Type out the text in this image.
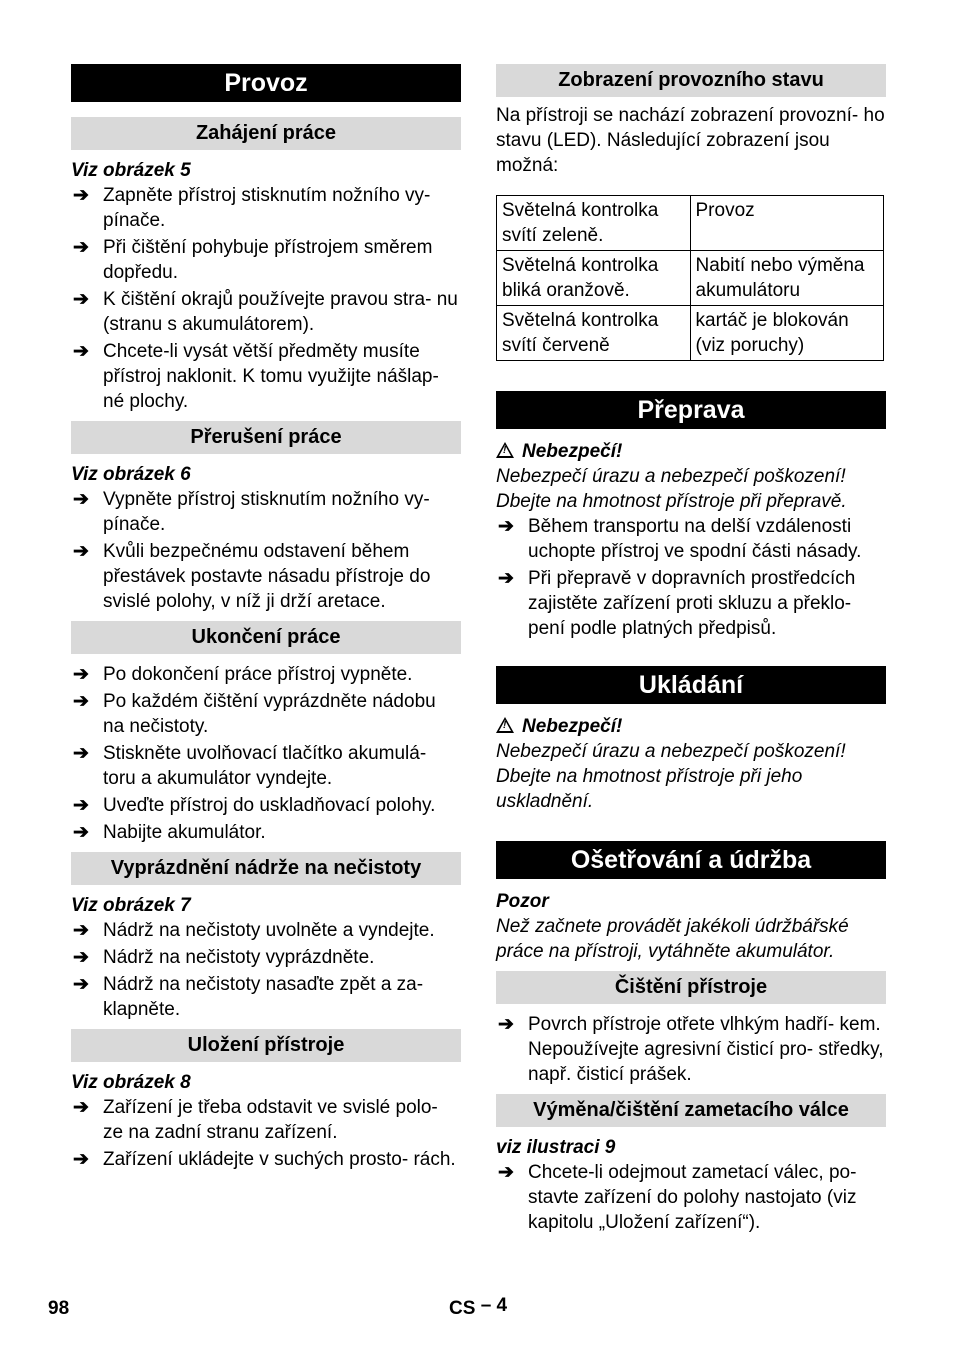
Provoz
Zahájení práce

Viz obrázek 5

➔ Zapněte přístroj stisknutím nožního vy- pínače.
➔ Při čištění pohybuje přístrojem směrem dopředu.
➔ K čištění okrajů používejte pravou stra- nu (stranu s akumulátorem).
➔ Chcete-li vysát větší předměty musíte přístroj naklonit. K tomu využijte nášlap- né plochy.
Přerušení práce

Viz obrázek 6

➔ Vypněte přístroj stisknutím nožního vy- pínače.
➔ Kvůli bezpečnému odstavení během přestávek postavte násadu přístroje do svislé polohy, v níž ji drží aretace.
Ukončení práce
➔ Po dokončení práce přístroj vypněte.
➔ Po každém čištění vyprázdněte nádobu na nečistoty.
➔ Stiskněte uvolňovací tlačítko akumulá- toru a akumulátor vyndejte.
➔ Uveďte přístroj do uskladňovací polohy.
➔ Nabijte akumulátor.
Vyprázdnění nádrže na nečistoty

Viz obrázek 7

➔ Nádrž na nečistoty uvolněte a vyndejte.
➔ Nádrž na nečistoty vyprázdněte.
➔ Nádrž na nečistoty nasaďte zpět a za- klapněte.
Uložení přístroje

Viz obrázek 8

➔ Zařízení je třeba odstavit ve svislé polo- ze na zadní stranu zařízení.
➔ Zařízení ukládejte v suchých prosto- rách.
Zobrazení provozního stavu

Na přístroji se nachází zobrazení provozní- ho stavu (LED). Následující zobrazení jsou možná:

Světelná kontrolka svítí zeleně.	Provoz
Světelná kontrolka bliká oranžově.	Nabití nebo výměna akumulátoru
Světelná kontrolka svítí červeně	kartáč je blokován (viz poruchy)
Přeprava

!Nebezpečí!

Nebezpečí úrazu a nebezpečí poškození! Dbejte na hmotnost přístroje při přepravě.

➔ Během transportu na delší vzdálenosti uchopte přístroj ve spodní části násady.
➔ Při přepravě v dopravních prostředcích zajistěte zařízení proti skluzu a překlo- pení podle platných předpisů.
Ukládání

!Nebezpečí!

Nebezpečí úrazu a nebezpečí poškození! Dbejte na hmotnost přístroje při jeho uskladnění.

Ošetřování a údržba

Pozor

Než začnete provádět jakékoli údržbářské práce na přístroji, vytáhněte akumulátor.

Čištění přístroje
➔ Povrch přístroje otřete vlhkým hadří- kem. Nepoužívejte agresivní čisticí pro- středky, např. čisticí prášek.
Výměna/čištění zametacího válce

viz ilustraci 9

➔ Chcete-li odejmout zametací válec, po- stavte zařízení do polohy nastojato (viz kapitolu „Uložení zařízení“).
98	CS – 4
